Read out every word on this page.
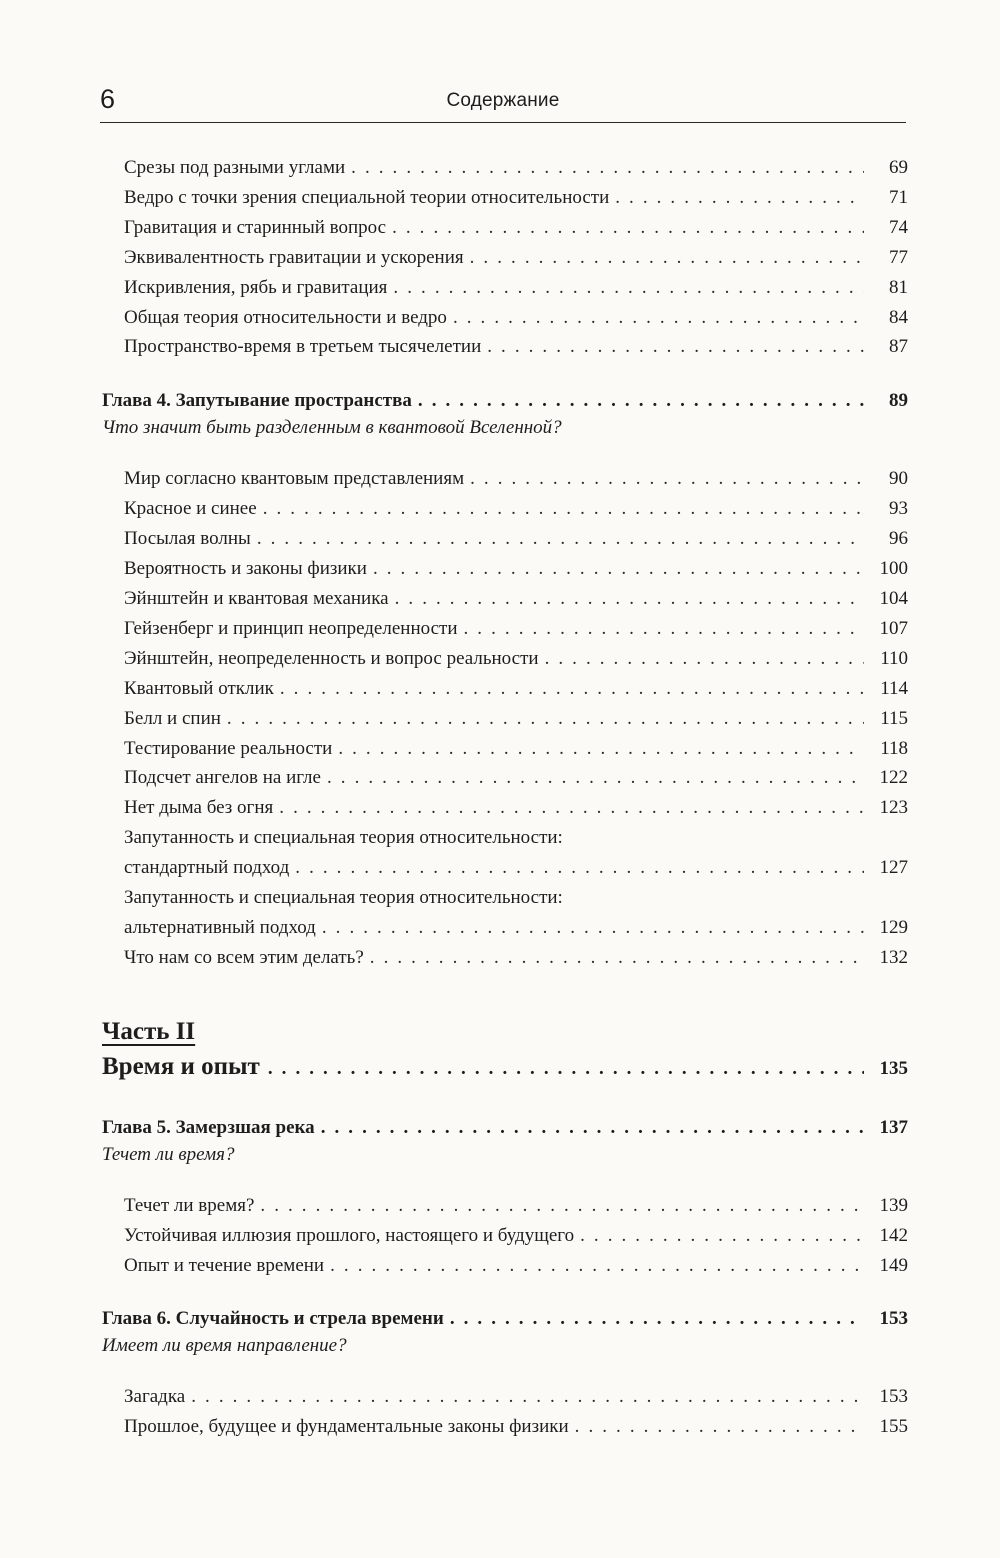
6	Содержание
Срезы под разными углами . . .	69
Ведро с точки зрения специальной теории относительности . . .	71
Гравитация и старинный вопрос . . .	74
Эквивалентность гравитации и ускорения . . .	77
Искривления, рябь и гравитация . . .	81
Общая теория относительности и ведро . . .	84
Пространство-время в третьем тысячелетии . . .	87
Глава 4. Запутывание пространства . . .	89
Что значит быть разделенным в квантовой Вселенной?
Мир согласно квантовым представлениям . . .	90
Красное и синее . . .	93
Посылая волны . . .	96
Вероятность и законы физики . . .	100
Эйнштейн и квантовая механика . . .	104
Гейзенберг и принцип неопределенности . . .	107
Эйнштейн, неопределенность и вопрос реальности . . .	110
Квантовый отклик . . .	114
Белл и спин . . .	115
Тестирование реальности . . .	118
Подсчет ангелов на игле . . .	122
Нет дыма без огня . . .	123
Запутанность и специальная теория относительности:
стандартный подход . . .	127
Запутанность и специальная теория относительности:
альтернативный подход . . .	129
Что нам со всем этим делать? . . .	132
Часть II
Время и опыт . . .	135
Глава 5. Замерзшая река . . .	137
Течет ли время?
Течет ли время? . . .	139
Устойчивая иллюзия прошлого, настоящего и будущего . . .	142
Опыт и течение времени . . .	149
Глава 6. Случайность и стрела времени . . .	153
Имеет ли время направление?
Загадка . . .	153
Прошлое, будущее и фундаментальные законы физики . . .	155
